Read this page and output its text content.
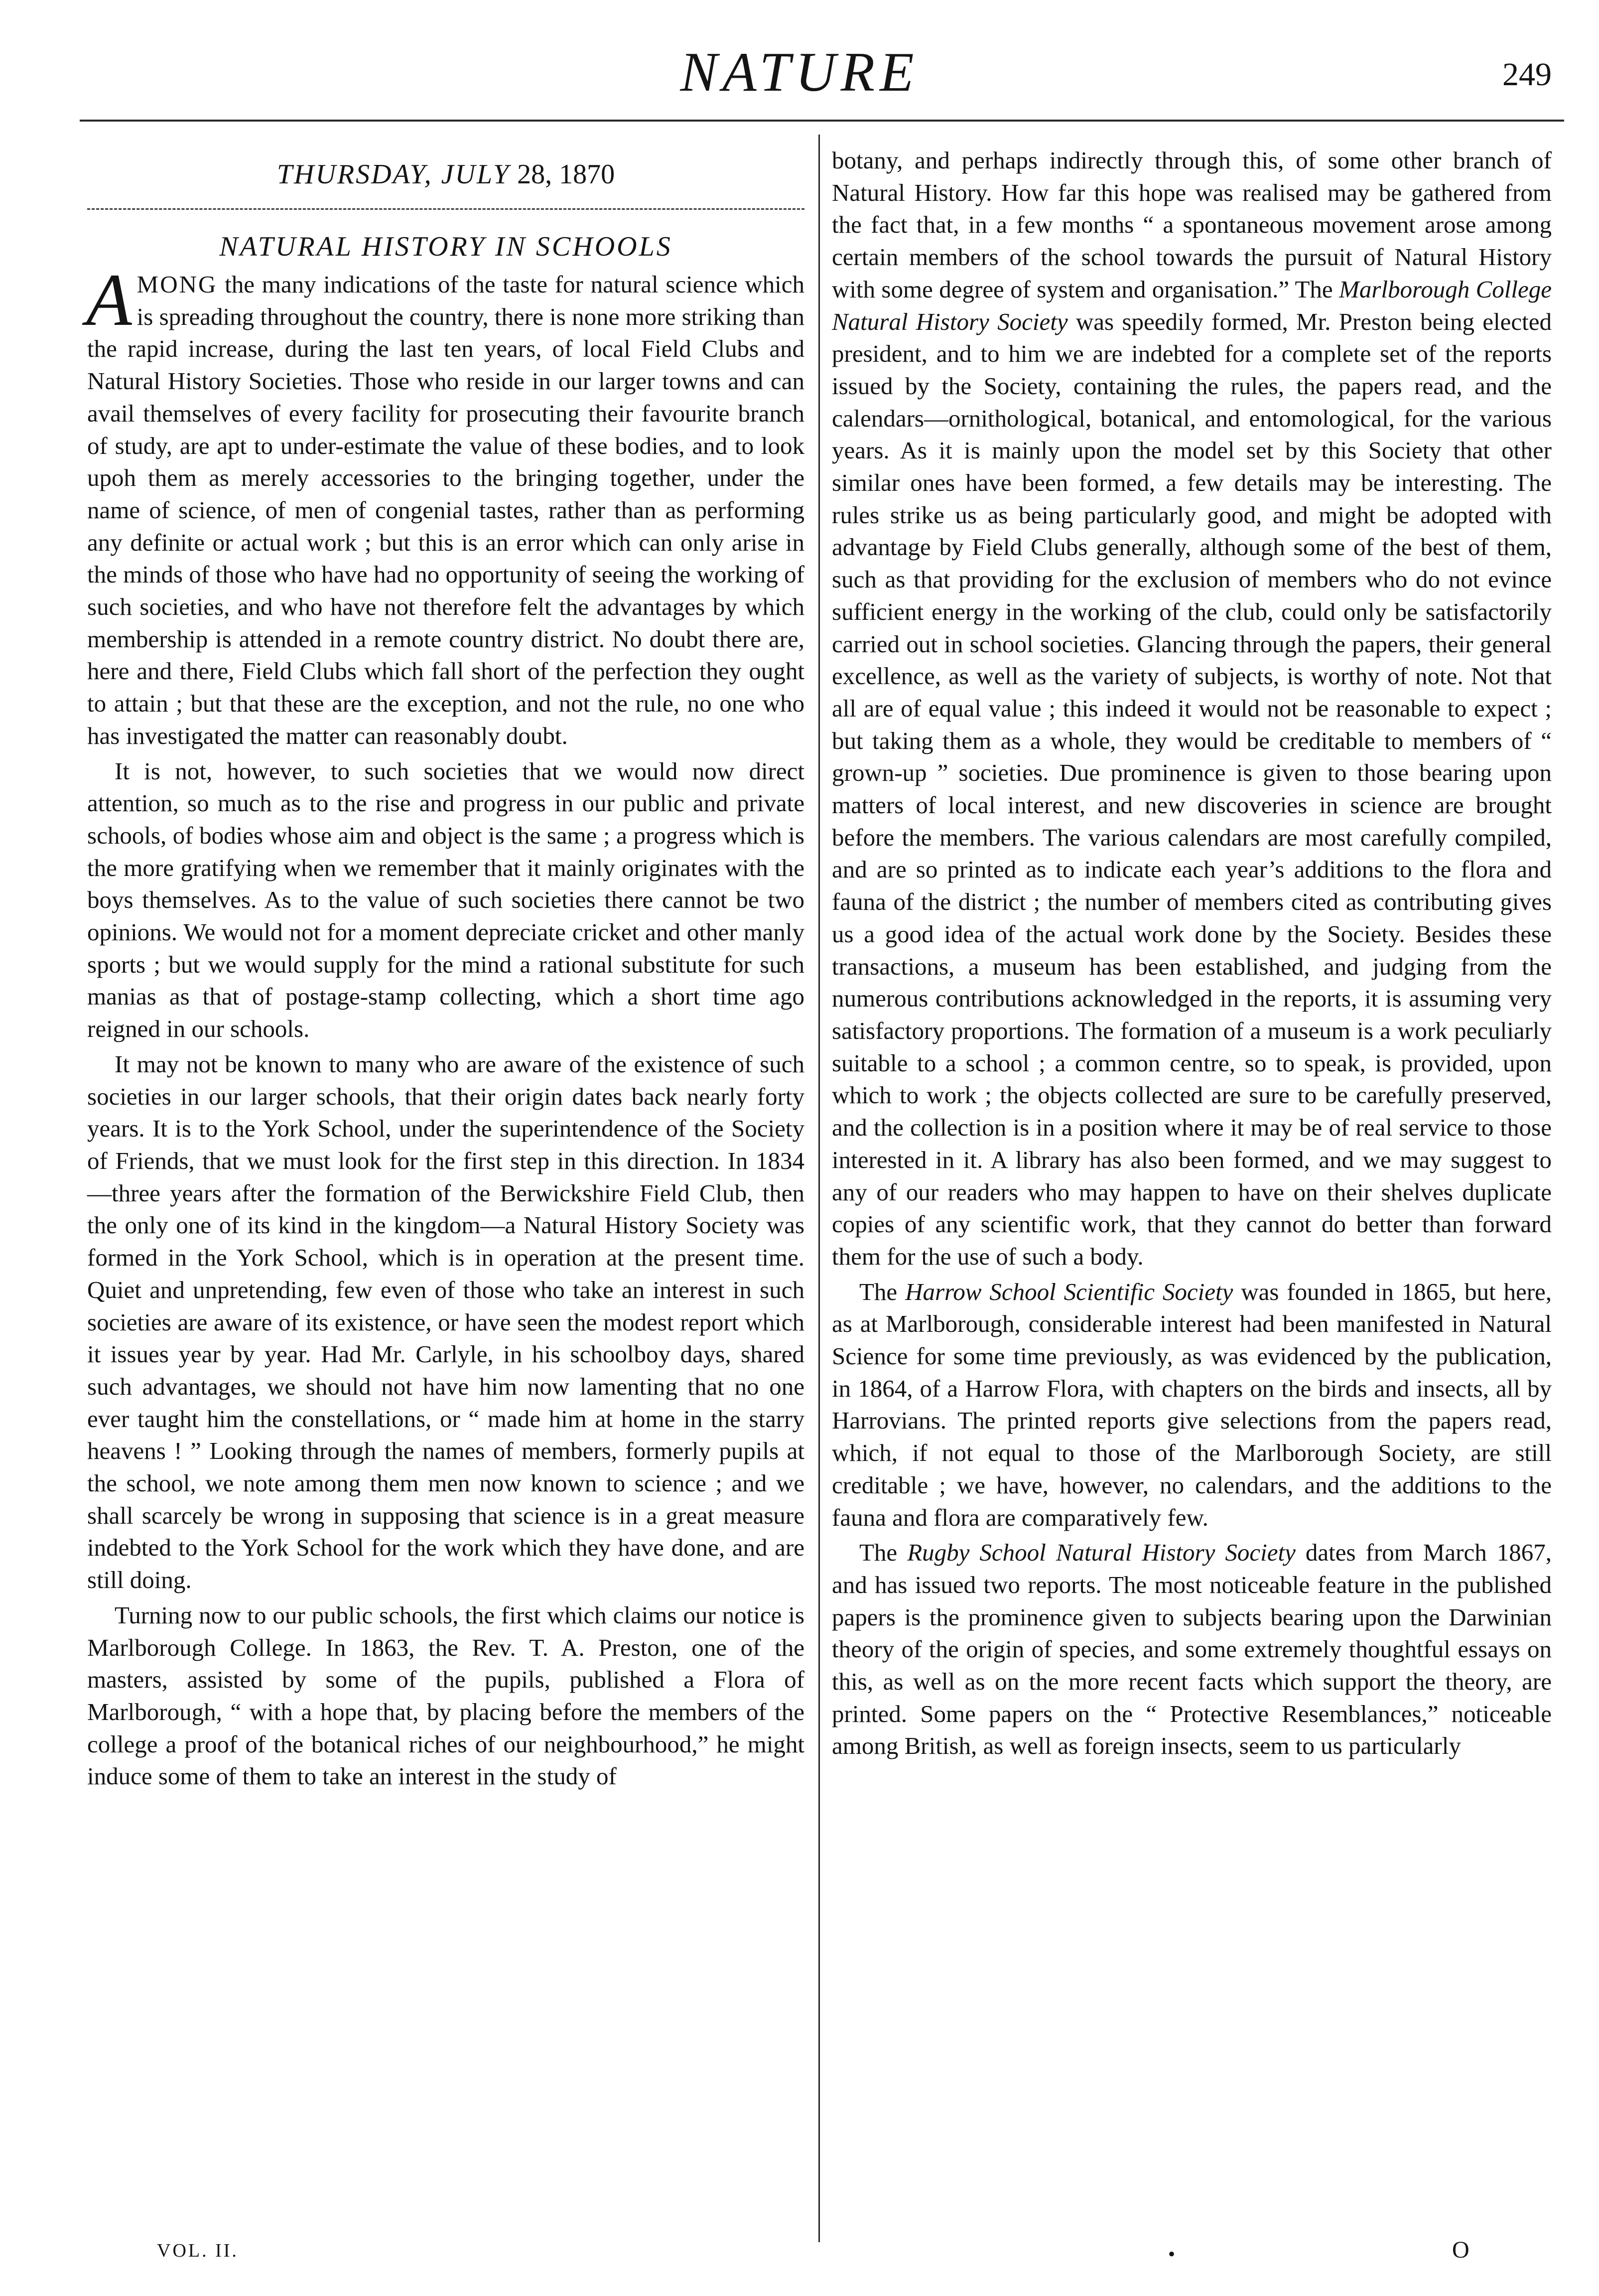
NATURE	249
THURSDAY, JULY 28, 1870
NATURAL HISTORY IN SCHOOLS

A MONG the many indications of the taste for natural science which is spreading throughout the country, there is none more striking than the rapid increase, during the last ten years, of local Field Clubs and Natural History Societies. Those who reside in our larger towns and can avail themselves of every facility for prosecuting their favourite branch of study, are apt to under-estimate the value of these bodies, and to look upoh them as merely accessories to the bringing together, under the name of science, of men of congenial tastes, rather than as performing any definite or actual work ; but this is an error which can only arise in the minds of those who have had no opportunity of seeing the working of such societies, and who have not therefore felt the advantages by which membership is attended in a remote country district. No doubt there are, here and there, Field Clubs which fall short of the perfection they ought to attain ; but that these are the exception, and not the rule, no one who has investigated the matter can reasonably doubt.

It is not, however, to such societies that we would now direct attention, so much as to the rise and progress in our public and private schools, of bodies whose aim and object is the same ; a progress which is the more gratifying when we remember that it mainly originates with the boys themselves. As to the value of such societies there cannot be two opinions. We would not for a moment depreciate cricket and other manly sports ; but we would supply for the mind a rational substitute for such manias as that of postage-stamp collecting, which a short time ago reigned in our schools.

It may not be known to many who are aware of the existence of such societies in our larger schools, that their origin dates back nearly forty years. It is to the York School, under the superintendence of the Society of Friends, that we must look for the first step in this direction. In 1834—three years after the formation of the Berwickshire Field Club, then the only one of its kind in the kingdom—a Natural History Society was formed in the York School, which is in operation at the present time. Quiet and unpretending, few even of those who take an interest in such societies are aware of its existence, or have seen the modest report which it issues year by year. Had Mr. Carlyle, in his schoolboy days, shared such advantages, we should not have him now lamenting that no one ever taught him the constellations, or “ made him at home in the starry heavens ! ” Looking through the names of members, formerly pupils at the school, we note among them men now known to science ; and we shall scarcely be wrong in supposing that science is in a great measure indebted to the York School for the work which they have done, and are still doing.

Turning now to our public schools, the first which claims our notice is Marlborough College. In 1863, the Rev. T. A. Preston, one of the masters, assisted by some of the pupils, published a Flora of Marlborough, “ with a hope that, by placing before the members of the college a proof of the botanical riches of our neighbourhood,” he might induce some of them to take an interest in the study of

botany, and perhaps indirectly through this, of some other branch of Natural History. How far this hope was realised may be gathered from the fact that, in a few months “ a spontaneous movement arose among certain members of the school towards the pursuit of Natural History with some degree of system and organisation.” The Marlborough College Natural History Society was speedily formed, Mr. Preston being elected president, and to him we are indebted for a complete set of the reports issued by the Society, containing the rules, the papers read, and the calendars—ornithological, botanical, and entomological, for the various years. As it is mainly upon the model set by this Society that other similar ones have been formed, a few details may be interesting. The rules strike us as being particularly good, and might be adopted with advantage by Field Clubs generally, although some of the best of them, such as that providing for the exclusion of members who do not evince sufficient energy in the working of the club, could only be satisfactorily carried out in school societies. Glancing through the papers, their general excellence, as well as the variety of subjects, is worthy of note. Not that all are of equal value ; this indeed it would not be reasonable to expect ; but taking them as a whole, they would be creditable to members of “ grown-up ” societies. Due prominence is given to those bearing upon matters of local interest, and new discoveries in science are brought before the members. The various calendars are most carefully compiled, and are so printed as to indicate each year’s additions to the flora and fauna of the district ; the number of members cited as contributing gives us a good idea of the actual work done by the Society. Besides these transactions, a museum has been established, and judging from the numerous contributions acknowledged in the reports, it is assuming very satisfactory proportions. The formation of a museum is a work peculiarly suitable to a school ; a common centre, so to speak, is provided, upon which to work ; the objects collected are sure to be carefully preserved, and the collection is in a position where it may be of real service to those interested in it. A library has also been formed, and we may suggest to any of our readers who may happen to have on their shelves duplicate copies of any scientific work, that they cannot do better than forward them for the use of such a body.

The Harrow School Scientific Society was founded in 1865, but here, as at Marlborough, considerable interest had been manifested in Natural Science for some time previously, as was evidenced by the publication, in 1864, of a Harrow Flora, with chapters on the birds and insects, all by Harrovians. The printed reports give selections from the papers read, which, if not equal to those of the Marlborough Society, are still creditable ; we have, however, no calendars, and the additions to the fauna and flora are comparatively few.

The Rugby School Natural History Society dates from March 1867, and has issued two reports. The most noticeable feature in the published papers is the prominence given to subjects bearing upon the Darwinian theory of the origin of species, and some extremely thoughtful essays on this, as well as on the more recent facts which support the theory, are printed. Some papers on the “ Protective Resemblances,” noticeable among British, as well as foreign insects, seem to us particularly

VOL. II.	•	O
